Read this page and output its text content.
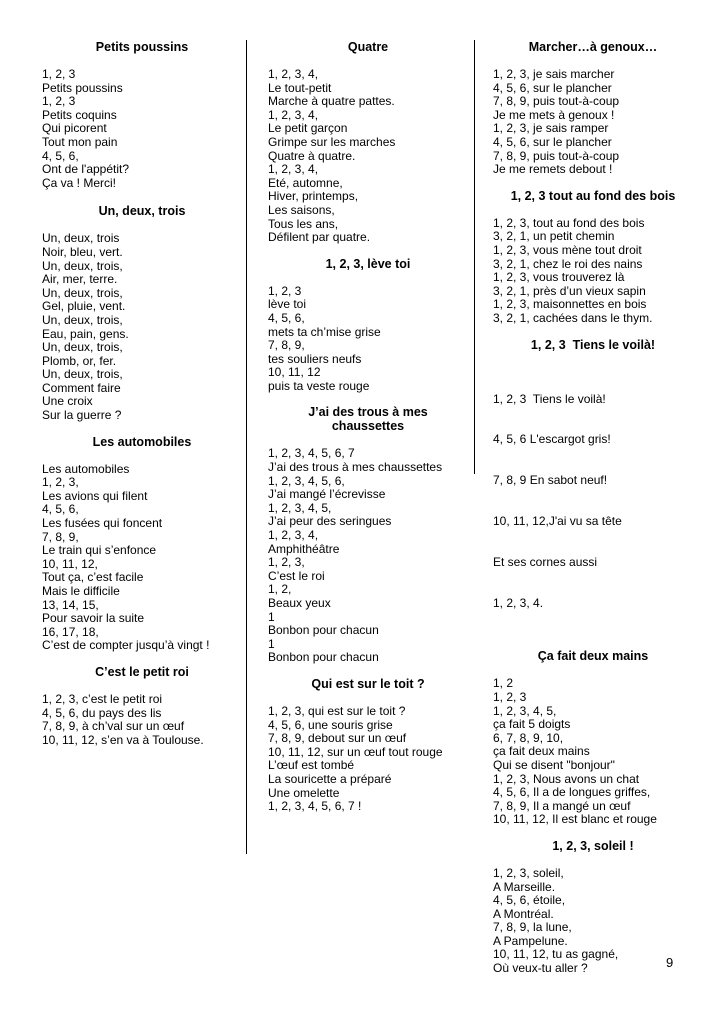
Petits poussins
1, 2, 3
Petits poussins
1, 2, 3
Petits coquins
Qui picorent
Tout mon pain
4, 5, 6,
Ont de l'appétit?
Ça va ! Merci!
Un, deux, trois
Un, deux, trois
Noir, bleu, vert.
Un, deux, trois,
Air, mer, terre.
Un, deux, trois,
Gel, pluie, vent.
Un, deux, trois,
Eau, pain, gens.
Un, deux, trois,
Plomb, or, fer.
Un, deux, trois,
Comment faire
Une croix
Sur la guerre ?
Les automobiles
Les automobiles
1, 2, 3,
Les avions qui filent
4, 5, 6,
Les fusées qui foncent
7, 8, 9,
Le train qui s’enfonce
10, 11, 12,
Tout ça, c’est facile
Mais le difficile
13, 14, 15,
Pour savoir la suite
16, 17, 18,
C’est de compter jusqu’à vingt !
C’est le petit roi
1, 2, 3, c’est le petit roi
4, 5, 6, du pays des lis
7, 8, 9, à ch’val sur un œuf
10, 11, 12, s’en va à Toulouse.
Quatre
1, 2, 3, 4,
Le tout-petit
Marche à quatre pattes.
1, 2, 3, 4,
Le petit garçon
Grimpe sur les marches
Quatre à quatre.
1, 2, 3, 4,
Eté, automne,
Hiver, printemps,
Les saisons,
Tous les ans,
Défilent par quatre.
1, 2, 3, lève toi
1, 2, 3
lève toi
4, 5, 6,
mets ta ch’mise grise
7, 8, 9,
tes souliers neufs
10, 11, 12
puis ta veste rouge
J’ai des trous à mes chaussettes
1, 2, 3, 4, 5, 6, 7
J’ai des trous à mes chaussettes
1, 2, 3, 4, 5, 6,
J’ai mangé l’écrevisse
1, 2, 3, 4, 5,
J’ai peur des seringues
1, 2, 3, 4,
Amphithéâtre
1, 2, 3,
C’est le roi
1, 2,
Beaux yeux
1
Bonbon pour chacun
1
Bonbon pour chacun
Qui est sur le toit ?
1, 2, 3, qui est sur le toit ?
4, 5, 6, une souris grise
7, 8, 9, debout sur un œuf
10, 11, 12, sur un œuf tout rouge
L’œuf est tombé
La souricette a préparé
Une omelette
1, 2, 3, 4, 5, 6, 7 !
Marcher…à genoux…
1, 2, 3, je sais marcher
4, 5, 6, sur le plancher
7, 8, 9, puis tout-à-coup
Je me mets à genoux !
1, 2, 3, je sais ramper
4, 5, 6, sur le plancher
7, 8, 9, puis tout-à-coup
Je me remets debout !
1, 2, 3 tout au fond des bois
1, 2, 3, tout au fond des bois
3, 2, 1, un petit chemin
1, 2, 3, vous mène tout droit
3, 2, 1, chez le roi des nains
1, 2, 3, vous trouverez là
3, 2, 1, près d’un vieux sapin
1, 2, 3, maisonnettes en bois
3, 2, 1, cachées dans le thym.
1, 2, 3  Tiens le voilà!

1, 2, 3  Tiens le voilà!

4, 5, 6 L'escargot gris!

7, 8, 9 En sabot neuf!

10, 11, 12,J'ai vu sa tête

Et ses cornes aussi

1, 2, 3, 4.

Ça fait deux mains
1, 2
1, 2, 3
1, 2, 3, 4, 5,
ça fait 5 doigts
6, 7, 8, 9, 10,
ça fait deux mains
Qui se disent "bonjour"
1, 2, 3, Nous avons un chat
4, 5, 6, Il a de longues griffes,
7, 8, 9, Il a mangé un œuf
10, 11, 12, Il est blanc et rouge
1, 2, 3, soleil !
1, 2, 3, soleil,
A Marseille.
4, 5, 6, étoile,
A Montréal.
7, 8, 9, la lune,
A Pampelune.
10, 11, 12, tu as gagné,
Où veux-tu aller ?	9
